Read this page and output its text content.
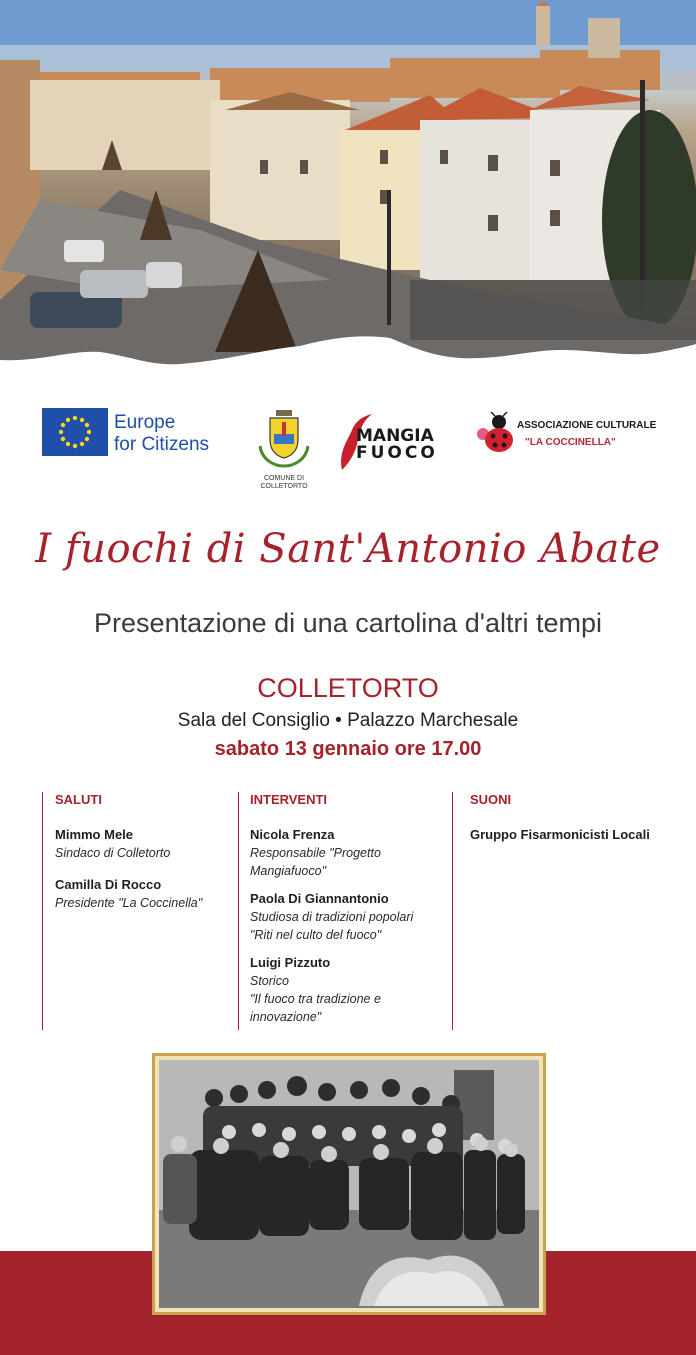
Europe
for Citizens
COMUNE DI
COLLETORTO
MANGIA
FUOCO
ASSOCIAZIONE CULTURALE
"LA COCCINELLA"
I fuochi di Sant'Antonio Abate
Presentazione di una cartolina d'altri tempi
COLLETORTO
Sala del Consiglio • Palazzo Marchesale
sabato 13 gennaio ore 17.00
SALUTI
Mimmo Mele
Sindaco di Colletorto
Camilla Di Rocco
Presidente "La Coccinella"
INTERVENTI
Nicola Frenza
Responsabile "Progetto
Mangiafuoco"
Paola Di Giannantonio
Studiosa di tradizioni popolari
"Riti nel culto del fuoco"
Luigi Pizzuto
Storico
"Il fuoco tra tradizione e
innovazione"
SUONI
Gruppo Fisarmonicisti Locali
